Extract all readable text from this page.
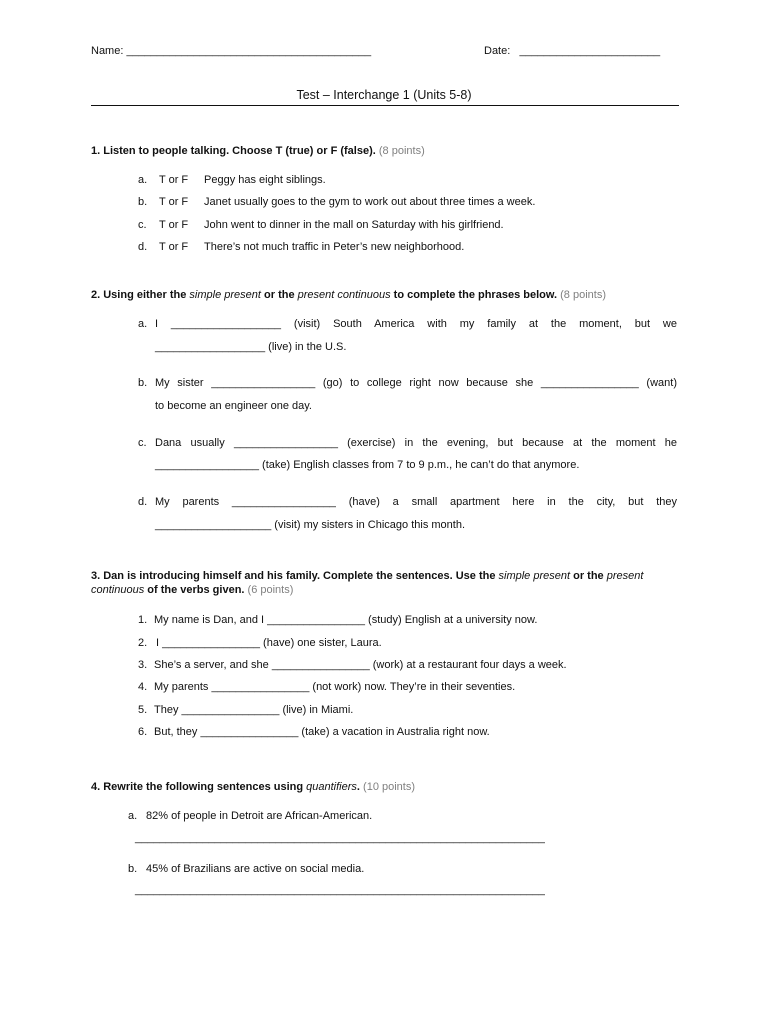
Name: ________________________________________	Date:   _______________________
Test – Interchange 1 (Units 5-8)
1. Listen to people talking. Choose T (true) or F (false). (8 points)
a. T or F Peggy has eight siblings.
b. T or F Janet usually goes to the gym to work out about three times a week.
c. T or F John went to dinner in the mall on Saturday with his girlfriend.
d. T or F There’s not much traffic in Peter’s new neighborhood.
2. Using either the simple present or the present continuous to complete the phrases below. (8 points)
a. I __________________ (visit) South America with my family at the moment, but we
__________________ (live) in the U.S.
b. My sister _________________ (go) to college right now because she ________________ (want)
to become an engineer one day.
c. Dana usually _________________ (exercise) in the evening, but because at the moment he
_________________ (take) English classes from 7 to 9 p.m., he can’t do that anymore.
d. My parents _________________ (have) a small apartment here in the city, but they
___________________ (visit) my sisters in Chicago this month.
3. Dan is introducing himself and his family. Complete the sentences. Use the simple present or the present
continuous of the verbs given. (6 points)
1. My name is Dan, and I ________________ (study) English at a university now.
2. I ________________ (have) one sister, Laura.
3. She’s a server, and she ________________ (work) at a restaurant four days a week.
4. My parents ________________ (not work) now. They’re in their seventies.
5. They ________________ (live) in Miami.
6. But, they ________________ (take) a vacation in Australia right now.
4. Rewrite the following sentences using quantifiers. (10 points)
a. 82% of people in Detroit are African-American.
___________________________________________________________________
b. 45% of Brazilians are active on social media.
___________________________________________________________________
